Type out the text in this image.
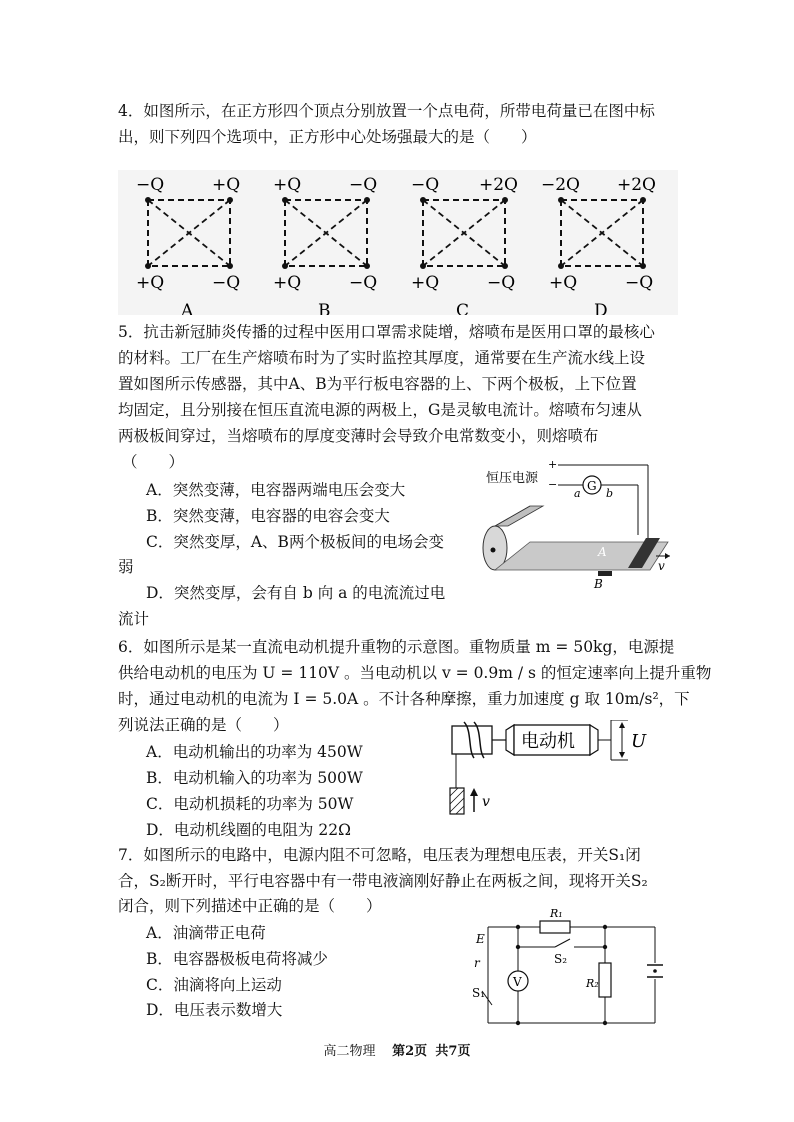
4．如图所示，在正方形四个顶点分别放置一个点电荷，所带电荷量已在图中标
出，则下列四个选项中，正方形中心处场强最大的是（　　）
−Q	+Q
+Q	−Q
A
+Q	−Q
+Q	−Q
B
−Q +2Q
+Q	−Q
C
−2Q +2Q
+Q	−Q
D
5．抗击新冠肺炎传播的过程中医用口罩需求陡增，熔喷布是医用口罩的最核心
的材料。工厂在生产熔喷布时为了实时监控其厚度，通常要在生产流水线上设
置如图所示传感器，其中A、B为平行板电容器的上、下两个极板，上下位置
均固定，且分别接在恒压直流电源的两极上，G是灵敏电流计。熔喷布匀速从
两极板间穿过，当熔喷布的厚度变薄时会导致介电常数变小，则熔喷布
（　　）
A．突然变薄，电容器两端电压会变大
B．突然变薄，电容器的电容会变大
C．突然变厚，A、B两个极板间的电场会变
弱
D．突然变厚，会有自 b 向 a 的电流流过电
流计
恒压电源
+
− G
a b
A
B
v
6．如图所示是某一直流电动机提升重物的示意图。重物质量 m = 50kg，电源提
供给电动机的电压为 U = 110V 。当电动机以 v = 0.9m / s 的恒定速率向上提升重物
时，通过电动机的电流为 I = 5.0A 。不计各种摩擦，重力加速度 g 取 10m/s²，下
列说法正确的是（　　）
A．电动机输出的功率为 450W
B．电动机输入的功率为 500W
C．电动机损耗的功率为 50W
D．电动机线圈的电阻为 22Ω
电动机	U
v
7．如图所示的电路中，电源内阻不可忽略，电压表为理想电压表，开关S₁闭
合，S₂断开时，平行电容器中有一带电液滴刚好静止在两板之间，现将开关S₂
闭合，则下列描述中正确的是（　　）
A．油滴带正电荷
B．电容器极板电荷将减少
C．油滴将向上运动
D．电压表示数增大
E
r
S₁
V
R₁
S₂
R₂
高二物理 第2页 共7页
